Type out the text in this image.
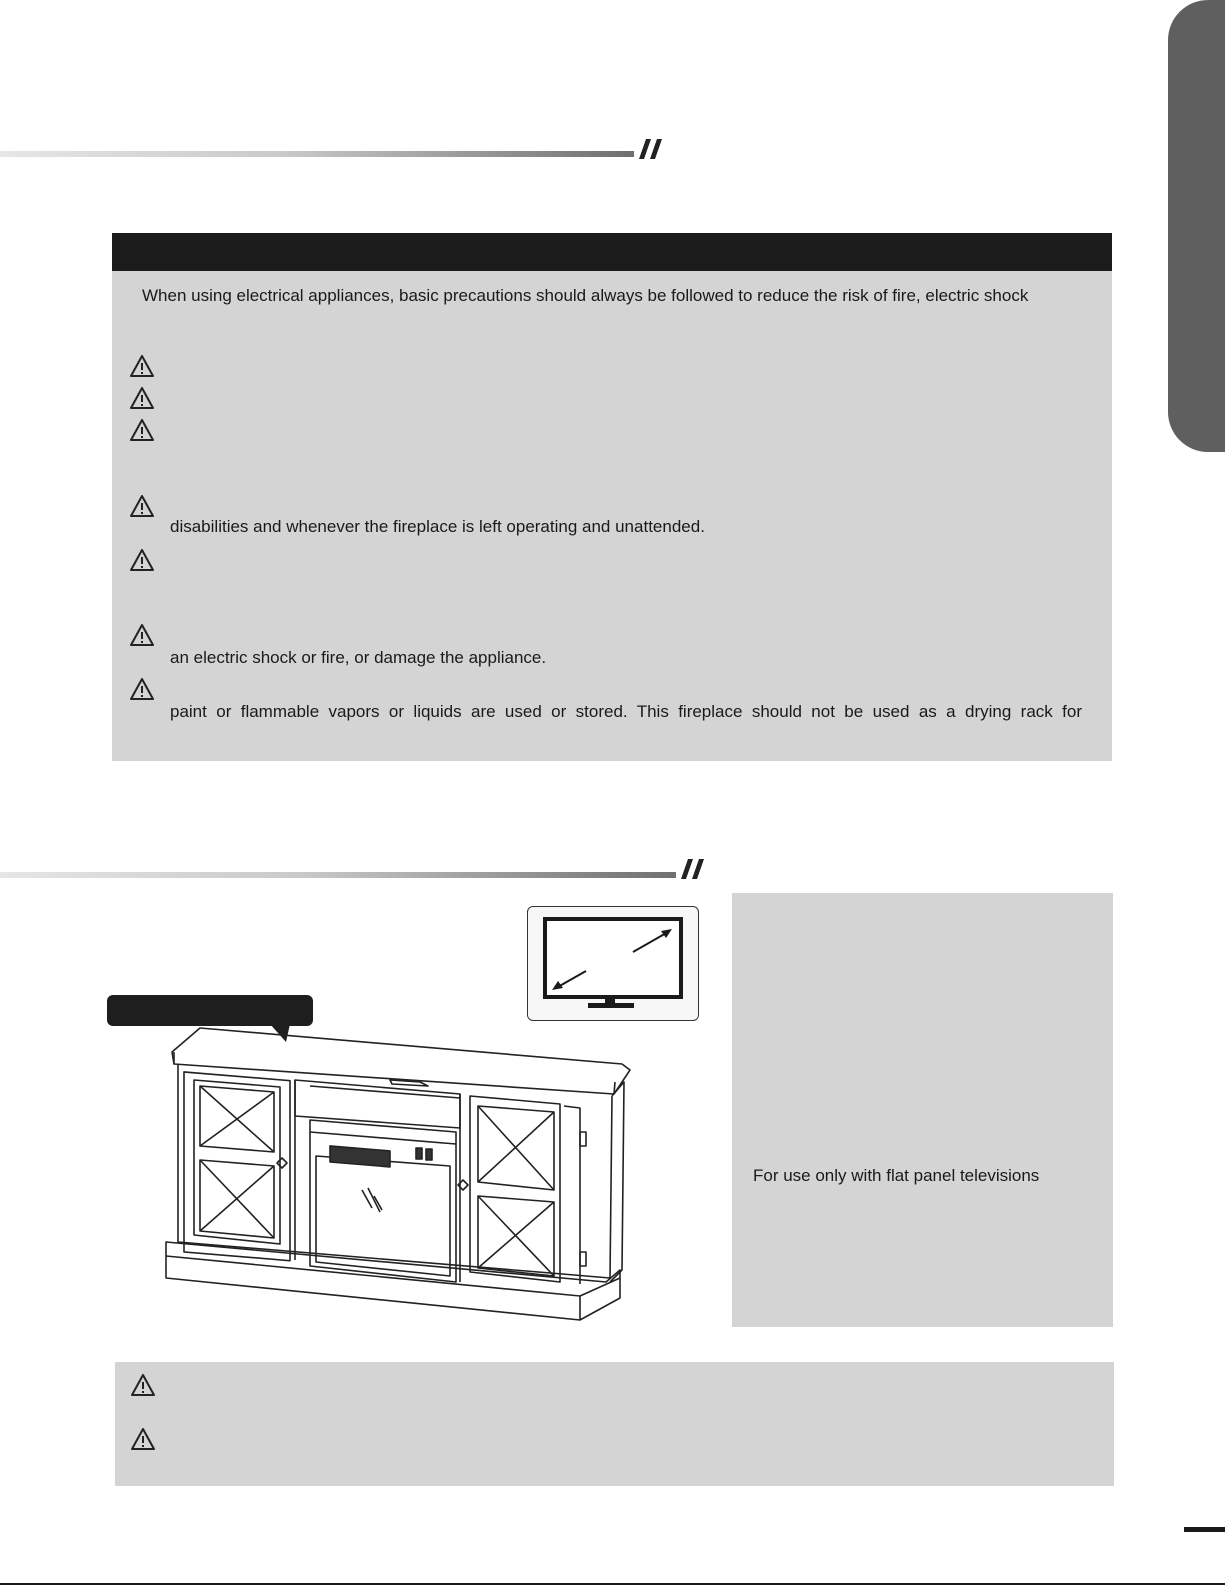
When using electrical appliances, basic precautions should always be followed to reduce the risk of fire, electric shock
disabilities and whenever the fireplace is left operating and unattended.
an electric shock or fire, or damage the appliance.
paint or flammable vapors or liquids are used or stored. This fireplace should not be used as a drying rack for
For use only with flat panel televisions
